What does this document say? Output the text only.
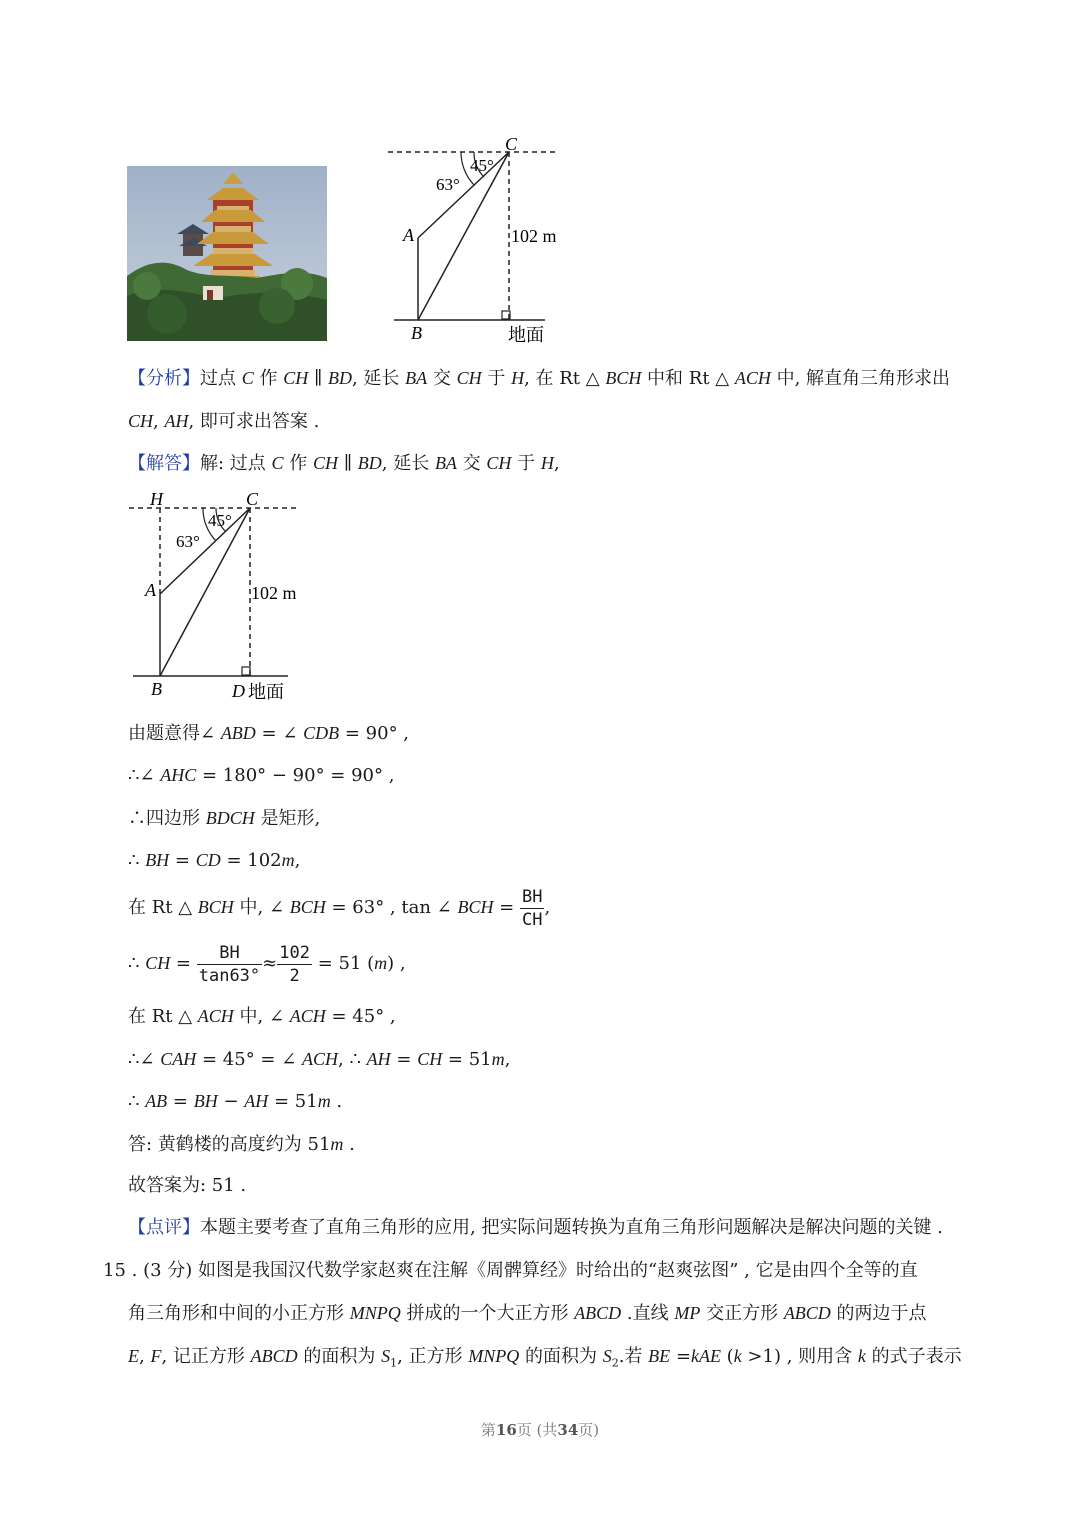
C
45°
63°
A	102 m
B	地面
【分析】过点 C 作 CH ∥ BD, 延长 BA 交 CH 于 H, 在 Rt △ BCH 中和 Rt △ ACH 中, 解直角三角形求出
CH, AH, 即可求出答案 .
【解答】解: 过点 C 作 CH ∥ BD, 延长 BA 交 CH 于 H,
H	C
45°
63°
A	102 m
B	D 地面
由题意得∠ ABD = ∠ CDB = 90° ,
∴∠ AHC = 180° − 90° = 90° ,
∴四边形 BDCH 是矩形,
∴ BH = CD = 102m,
在 Rt △ BCH 中, ∠ BCH = 63° , tan ∠ BCH = $\frac{BH}{CH}$ ,
∴ CH = $\frac{BH}{\tan 63^\circ} \approx \frac{102}{2} = 51$ (m) ,
在 Rt △ ACH 中, ∠ ACH = 45° ,
∴∠ CAH = 45° = ∠ ACH, ∴ AH = CH = 51m,
∴ AB = BH − AH = 51m .
答: 黄鹤楼的高度约为 51m .
故答案为: 51 .
【点评】本题主要考查了直角三角形的应用, 把实际问题转换为直角三角形问题解决是解决问题的关键 .
15 . (3 分) 如图是我国汉代数学家赵爽在注解《周髀算经》时给出的“赵爽弦图” , 它是由四个全等的直
角三角形和中间的小正方形 MNPQ 拼成的一个大正方形 ABCD .直线 MP 交正方形 ABCD 的两边于点
E, F, 记正方形 ABCD 的面积为 $S_1$, 正方形 MNPQ 的面积为 $S_2$.若 BE =kAE (k >1) , 则用含 k 的式子表示
第16页 (共34页)
